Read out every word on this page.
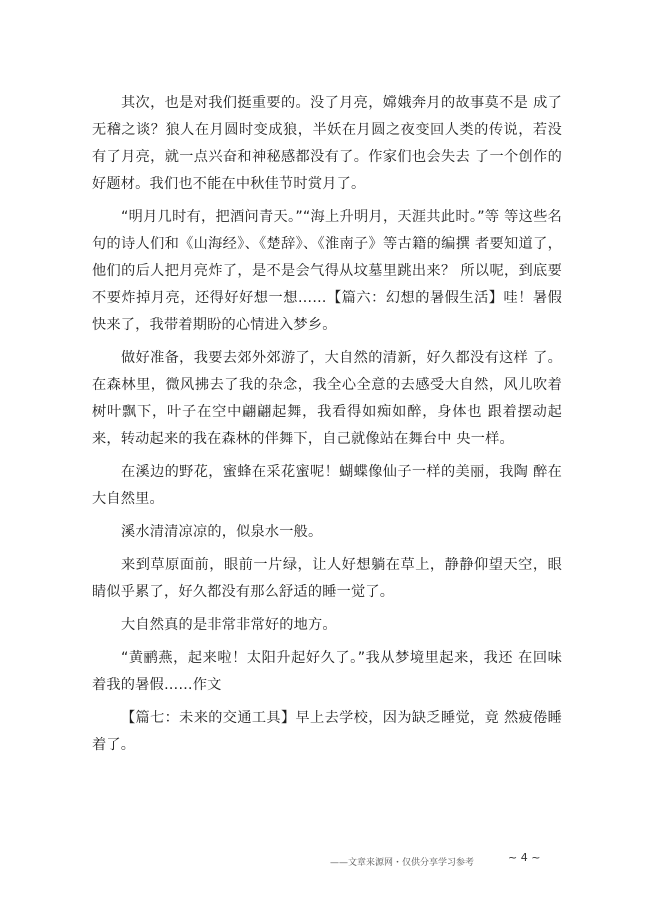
其次，也是对我们挺重要的。没了月亮，嫦娥奔月的故事莫不是 成了无稽之谈？狼人在月圆时变成狼，半妖在月圆之夜变回人类的传说，若没有了月亮，就一点兴奋和神秘感都没有了。作家们也会失去 了一个创作的好题材。我们也不能在中秋佳节时赏月了。

“明月几时有，把酒问青天。”“海上升明月，天涯共此时。”等 等这些名句的诗人们和《山海经》、《楚辞》、《淮南子》等古籍的编撰 者要知道了，他们的后人把月亮炸了，是不是会气得从坟墓里跳出来？ 所以呢，到底要不要炸掉月亮，还得好好想一想……【篇六：幻想的暑假生活】哇！暑假快来了，我带着期盼的心情进入梦乡。

做好准备，我要去郊外郊游了，大自然的清新，好久都没有这样 了。在森林里，微风拂去了我的杂念，我全心全意的去感受大自然，风儿吹着树叶飘下，叶子在空中翩翩起舞，我看得如痴如醉，身体也 跟着摆动起来，转动起来的我在森林的伴舞下，自己就像站在舞台中 央一样。

在溪边的野花，蜜蜂在采花蜜呢！蝴蝶像仙子一样的美丽，我陶 醉在大自然里。

溪水清清凉凉的，似泉水一般。

来到草原面前，眼前一片绿，让人好想躺在草上，静静仰望天空，眼睛似乎累了，好久都没有那么舒适的睡一觉了。

大自然真的是非常非常好的地方。

“黄鹂燕，起来啦！太阳升起好久了。”我从梦境里起来，我还 在回味着我的暑假……作文

【篇七：未来的交通工具】早上去学校，因为缺乏睡觉，竟 然疲倦睡着了。

——文章来源网・仅供分享学习参考	~ 4 ~
